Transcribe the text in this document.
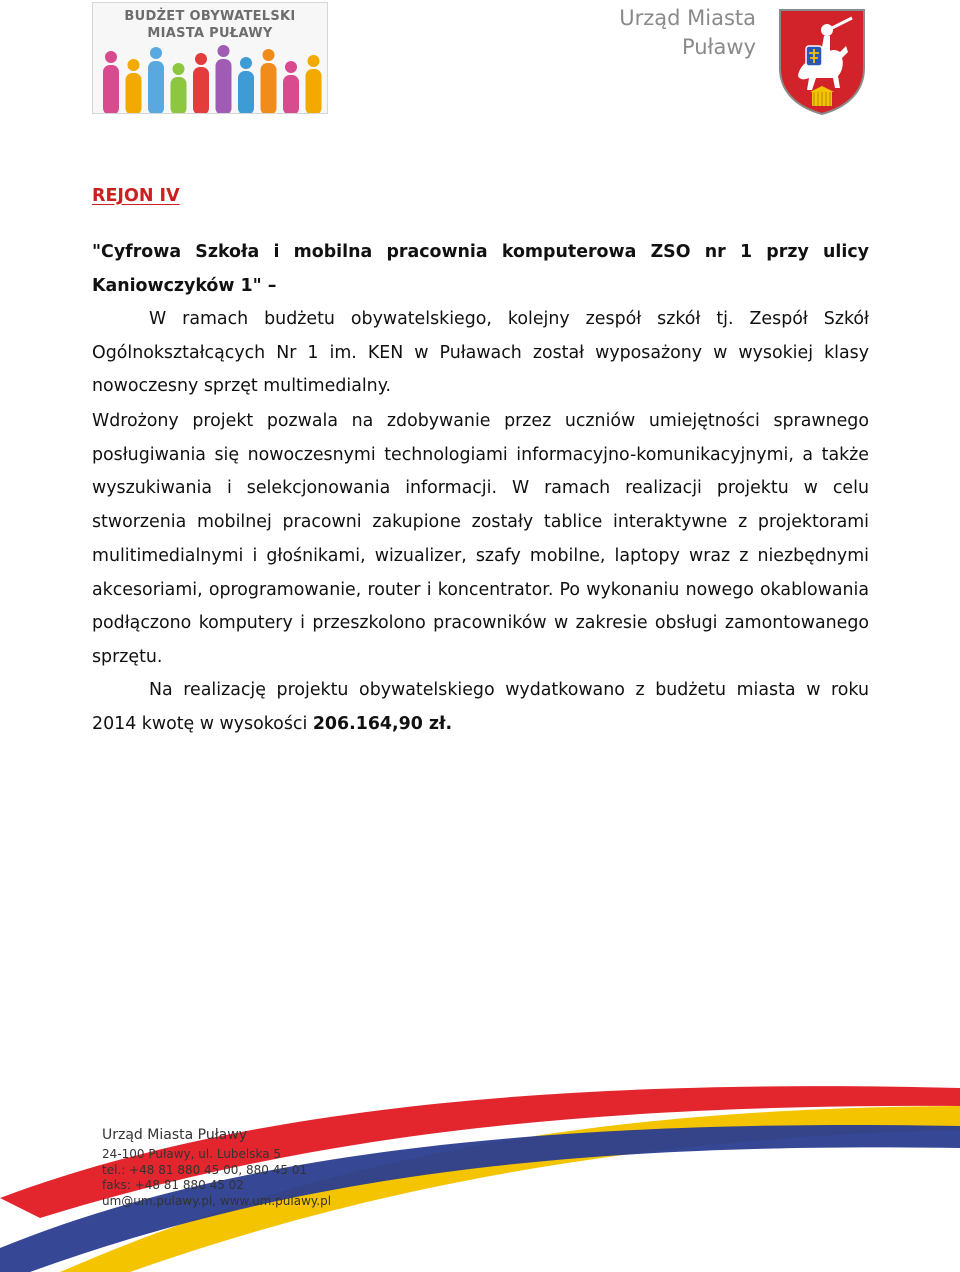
BUDŻET OBYWATELSKI
MIASTA PUŁAWY
Urząd Miasta
Puławy
REJON IV
"Cyfrowa Szkoła i mobilna pracownia komputerowa ZSO nr 1 przy ulicy Kaniowczyków 1" –
W ramach budżetu obywatelskiego, kolejny zespół szkół tj. Zespół Szkół Ogólnokształcących Nr 1 im. KEN w Puławach został wyposażony w wysokiej klasy nowoczesny sprzęt multimedialny.
Wdrożony projekt pozwala na zdobywanie przez uczniów umiejętności sprawnego posługiwania się nowoczesnymi technologiami informacyjno-komunikacyjnymi, a także wyszukiwania i selekcjonowania informacji. W ramach realizacji projektu w celu stworzenia mobilnej pracowni zakupione zostały tablice interaktywne z projektorami mulitimedialnymi i głośnikami, wizualizer, szafy mobilne, laptopy wraz z niezbędnymi akcesoriami, oprogramowanie, router i koncentrator. Po wykonaniu nowego okablowania podłączono komputery i przeszkolono pracowników w zakresie obsługi zamontowanego sprzętu.
Na realizację projektu obywatelskiego wydatkowano z budżetu miasta w roku 2014 kwotę w wysokości 206.164,90 zł.
Urząd Miasta Puławy
24-100 Puławy, ul. Lubelska 5
tel.: +48 81 880 45 00, 880 45 01
faks: +48 81 880 45 02
um@um.pulawy.pl, www.um.pulawy.pl
